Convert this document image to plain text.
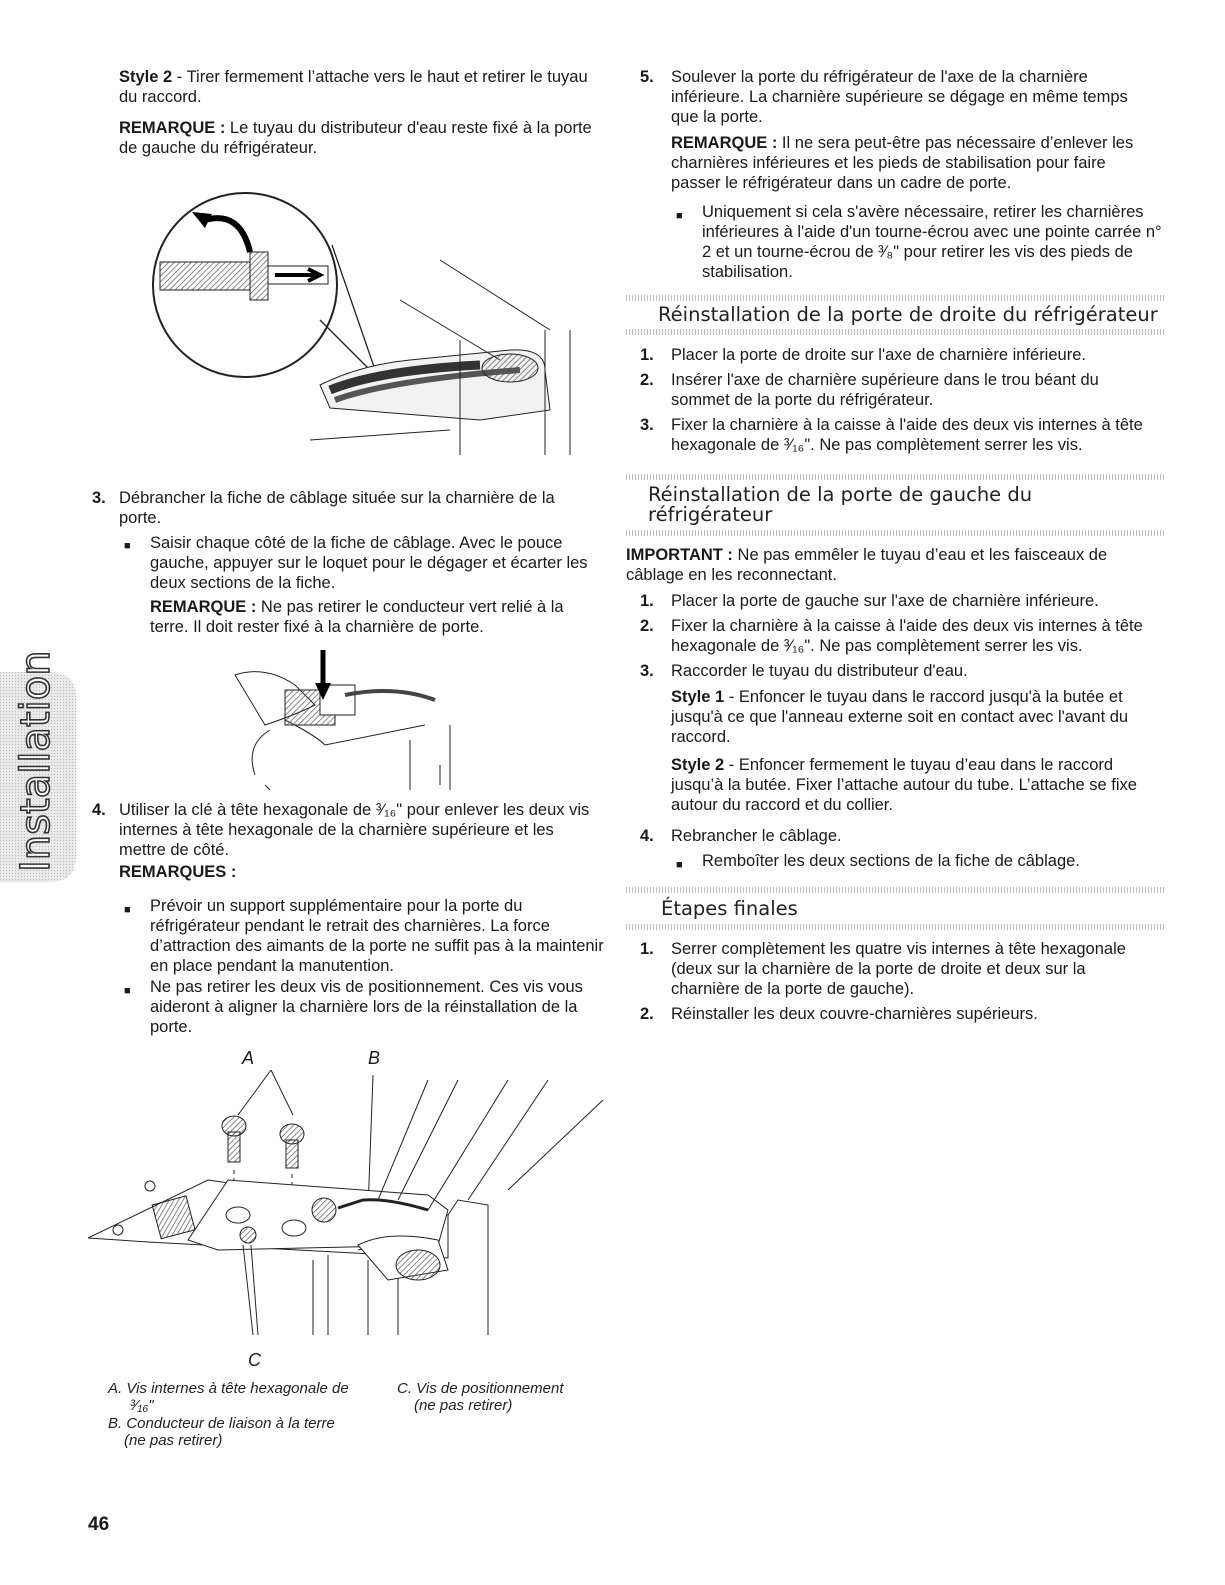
Style 2 - Tirer fermement l’attache vers le haut et retirer le tuyau du raccord.

REMARQUE : Le tuyau du distributeur d'eau reste fixé à la porte de gauche du réfrigérateur.

3. Débrancher la fiche de câblage située sur la charnière de la porte.

■ Saisir chaque côté de la fiche de câblage. Avec le pouce gauche, appuyer sur le loquet pour le dégager et écarter les deux sections de la fiche.

REMARQUE : Ne pas retirer le conducteur vert relié à la terre. Il doit rester fixé à la charnière de porte.

4. Utiliser la clé à tête hexagonale de ³⁄₁₆" pour enlever les deux vis internes à tête hexagonale de la charnière supérieure et les mettre de côté.

REMARQUES :

■ Prévoir un support supplémentaire pour la porte du réfrigérateur pendant le retrait des charnières. La force d’attraction des aimants de la porte ne suffit pas à la maintenir en place pendant la manutention.

■ Ne pas retirer les deux vis de positionnement. Ces vis vous aideront à aligner la charnière lors de la réinstallation de la porte.

A	B
C
A. Vis internes à tête hexagonale de
³⁄₁₆"
B. Conducteur de liaison à la terre
(ne pas retirer)
C. Vis de positionnement
(ne pas retirer)
Installation
5. Soulever la porte du réfrigérateur de l'axe de la charnière inférieure. La charnière supérieure se dégage en même temps que la porte.

REMARQUE : Il ne sera peut-être pas nécessaire d’enlever les charnières inférieures et les pieds de stabilisation pour faire passer le réfrigérateur dans un cadre de porte.

■ Uniquement si cela s'avère nécessaire, retirer les charnières inférieures à l'aide d'un tourne-écrou avec une pointe carrée n° 2 et un tourne-écrou de ³⁄₈" pour retirer les vis des pieds de stabilisation.

Réinstallation de la porte de droite du réfrigérateur
1. Placer la porte de droite sur l'axe de charnière inférieure.

2. Insérer l'axe de charnière supérieure dans le trou béant du sommet de la porte du réfrigérateur.

3. Fixer la charnière à la caisse à l'aide des deux vis internes à tête hexagonale de ³⁄₁₆". Ne pas complètement serrer les vis.

Réinstallation de la porte de gauche du
réfrigérateur

IMPORTANT : Ne pas emmêler le tuyau d’eau et les faisceaux de câblage en les reconnectant.

1. Placer la porte de gauche sur l'axe de charnière inférieure.

2. Fixer la charnière à la caisse à l'aide des deux vis internes à tête hexagonale de ³⁄₁₆". Ne pas complètement serrer les vis.

3. Raccorder le tuyau du distributeur d'eau.

Style 1 - Enfoncer le tuyau dans le raccord jusqu'à la butée et jusqu'à ce que l'anneau externe soit en contact avec l'avant du raccord.

Style 2 - Enfoncer fermement le tuyau d’eau dans le raccord jusqu’à la butée. Fixer l’attache autour du tube. L’attache se fixe autour du raccord et du collier.

4. Rebrancher le câblage.

■ Remboîter les deux sections de la fiche de câblage.

Étapes finales
1. Serrer complètement les quatre vis internes à tête hexagonale (deux sur la charnière de la porte de droite et deux sur la charnière de la porte de gauche).

2. Réinstaller les deux couvre-charnières supérieurs.

46
